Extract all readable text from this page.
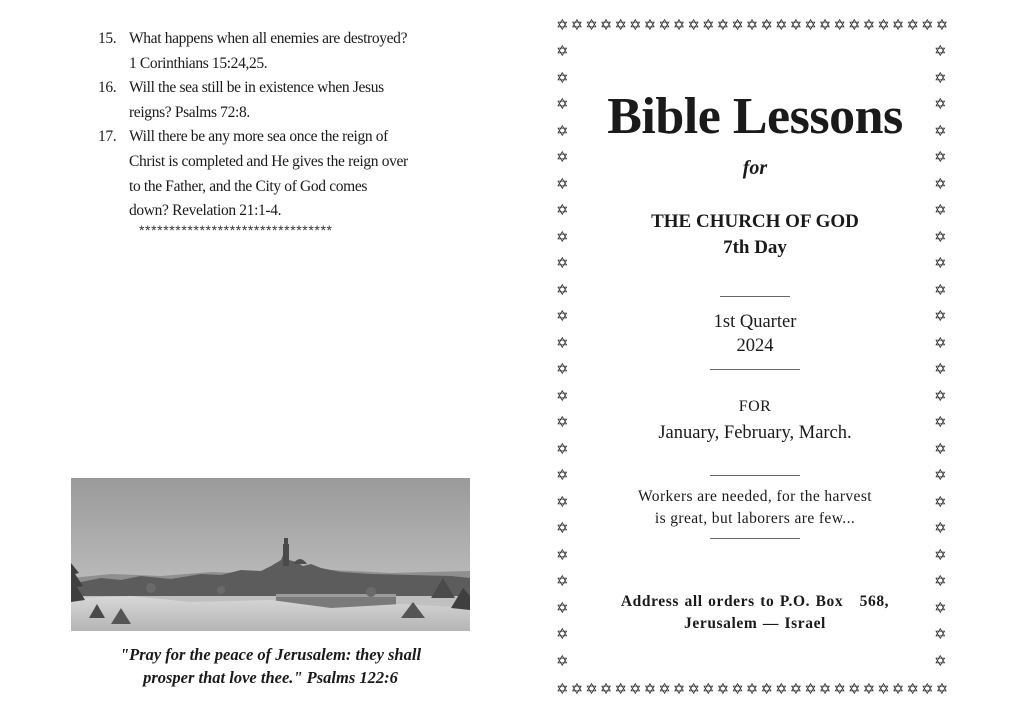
15. What happens when all enemies are destroyed?
1 Corinthians 15:24,25.
16. Will the sea still be in existence when Jesus
reigns? Psalms 72:8.
17. Will there be any more sea once the reign of
Christ is completed and He gives the reign over
to the Father, and the City of God comes
down? Revelation 21:1-4.
********************************
"Pray for the peace of Jerusalem: they shall
prosper that love thee." Psalms 122:6
✡ ✡ ✡ ✡ ✡ ✡ ✡ ✡ ✡ ✡ ✡ ✡ ✡ ✡ ✡ ✡ ✡ ✡ ✡ ✡ ✡ ✡ ✡ ✡ ✡ ✡ ✡
✡ ✡ ✡ ✡ ✡ ✡ ✡ ✡ ✡ ✡ ✡ ✡ ✡ ✡ ✡ ✡ ✡ ✡ ✡ ✡ ✡ ✡ ✡ ✡ ✡ ✡ ✡
✡
✡
✡
✡
✡
✡
✡
✡
✡
✡
✡
✡
✡
✡
✡
✡
✡
✡
✡
✡
✡
✡
✡
✡
✡
✡
✡
✡
✡
✡
✡
✡
✡
✡
✡
✡
✡
✡
✡
✡
✡
✡
✡
✡
✡
✡
✡
✡
Bible Lessons
for
THE CHURCH OF GOD
7th Day
1st Quarter
2024
FOR
January, February, March.
Workers are needed, for the harvest
is great, but laborers are few...
Address all orders to P.O. Box   568,
Jerusalem — Israel
